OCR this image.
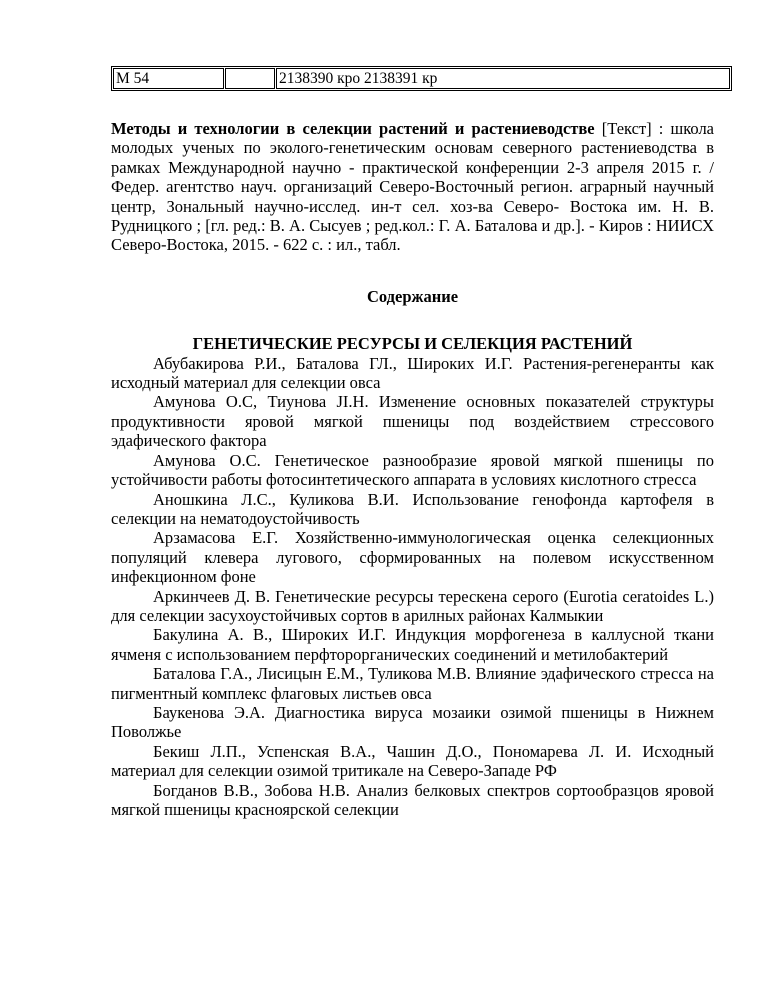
М 54		2138390 кро 2138391 кр

Методы и технологии в селекции растений и растениеводстве [Текст] : школа молодых ученых по эколого-генетическим основам северного растениеводства в рамках Международной научно - практической конференции 2-3 апреля 2015 г. / Федер. агентство науч. организаций Северо-Восточный регион. аграрный научный центр, Зональный научно-исслед. ин-т сел. хоз-ва Северо- Востока им. Н. В. Рудницкого ; [гл. ред.: В. А. Сысуев ; ред.кол.: Г. А. Баталова и др.]. - Киров : НИИСХ Северо-Востока, 2015. - 622 с. : ил., табл.

Содержание
ГЕНЕТИЧЕСКИЕ РЕСУРСЫ И СЕЛЕКЦИЯ РАСТЕНИЙ

Абубакирова Р.И., Баталова ГЛ., Широких И.Г. Растения-регенеранты как исходный материал для селекции овса

Амунова О.С, Тиунова JI.Н. Изменение основных показателей структуры продуктивности яровой мягкой пшеницы под воздействием стрессового эдафического фактора

Амунова О.С. Генетическое разнообразие яровой мягкой пшеницы по устойчивости работы фотосинтетического аппарата в условиях кислотного стресса

Аношкина Л.С., Куликова В.И. Использование генофонда картофеля в селекции на нематодоустойчивость

Арзамасова Е.Г. Хозяйственно-иммунологическая оценка селекционных популяций клевера лугового, сформированных на полевом искусственном инфекционном фоне

Аркинчеев Д. В. Генетические ресурсы терескена серого (Eurotia ceratoides L.) для селекции засухоустойчивых сортов в арилных районах Калмыкии

Бакулина А. В., Широких И.Г. Индукция морфогенеза в каллусной ткани ячменя с использованием перфторорганических соединений и метилобактерий

Баталова Г.А., Лисицын Е.М., Туликова М.В. Влияние эдафического стресса на пигментный комплекс флаговых листьев овса

Баукенова Э.А. Диагностика вируса мозаики озимой пшеницы в Нижнем Поволжье

Бекиш Л.П., Успенская В.А., Чашин Д.О., Пономарева Л. И. Исходный материал для селекции озимой тритикале на Северо-Западе РФ

Богданов В.В., Зобова Н.В. Анализ белковых спектров сортообразцов яровой мягкой пшеницы красноярской селекции
